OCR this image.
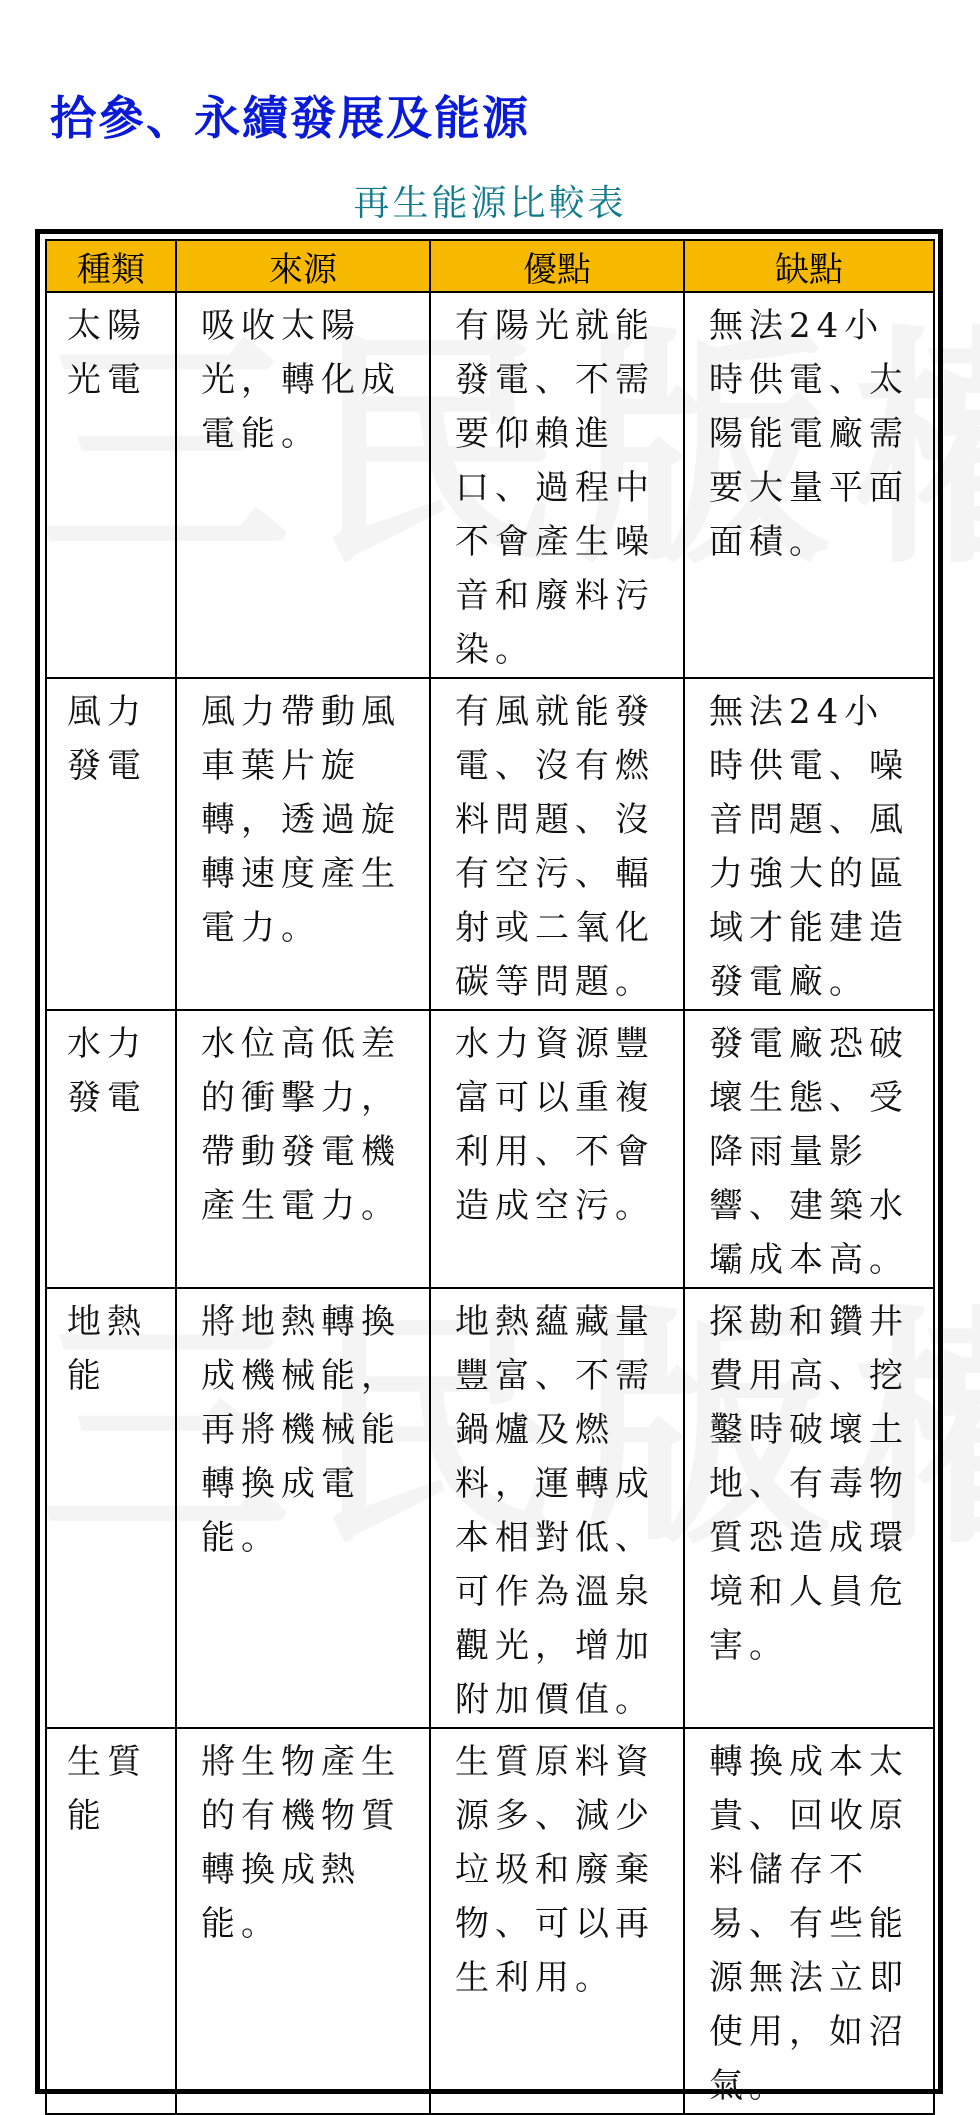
拾參、永續發展及能源
再生能源比較表
種類	來源	優點	缺點
太陽光電	吸收太陽光，轉化成電能。	有陽光就能發電、不需要仰賴進口、過程中不會產生噪音和廢料污染。	無法24小時供電、太陽能電廠需要大量平面面積。
風力發電	風力帶動風車葉片旋轉，透過旋轉速度產生電力。	有風就能發電、沒有燃料問題、沒有空污、輻射或二氧化碳等問題。	無法24小時供電、噪音問題、風力強大的區域才能建造發電廠。
水力發電	水位高低差的衝擊力，帶動發電機產生電力。	水力資源豐富可以重複利用、不會造成空污。	發電廠恐破壞生態、受降雨量影響、建築水壩成本高。
地熱能	將地熱轉換成機械能，再將機械能轉換成電能。	地熱蘊藏量豐富、不需鍋爐及燃料，運轉成本相對低、可作為溫泉觀光，增加附加價值。	探勘和鑽井費用高、挖鑿時破壞土地、有毒物質恐造成環境和人員危害。
生質能	將生物產生的有機物質轉換成熱能。	生質原料資源多、減少垃圾和廢棄物、可以再生利用。	轉換成本太貴、回收原料儲存不易、有些能源無法立即使用，如沼氣。
